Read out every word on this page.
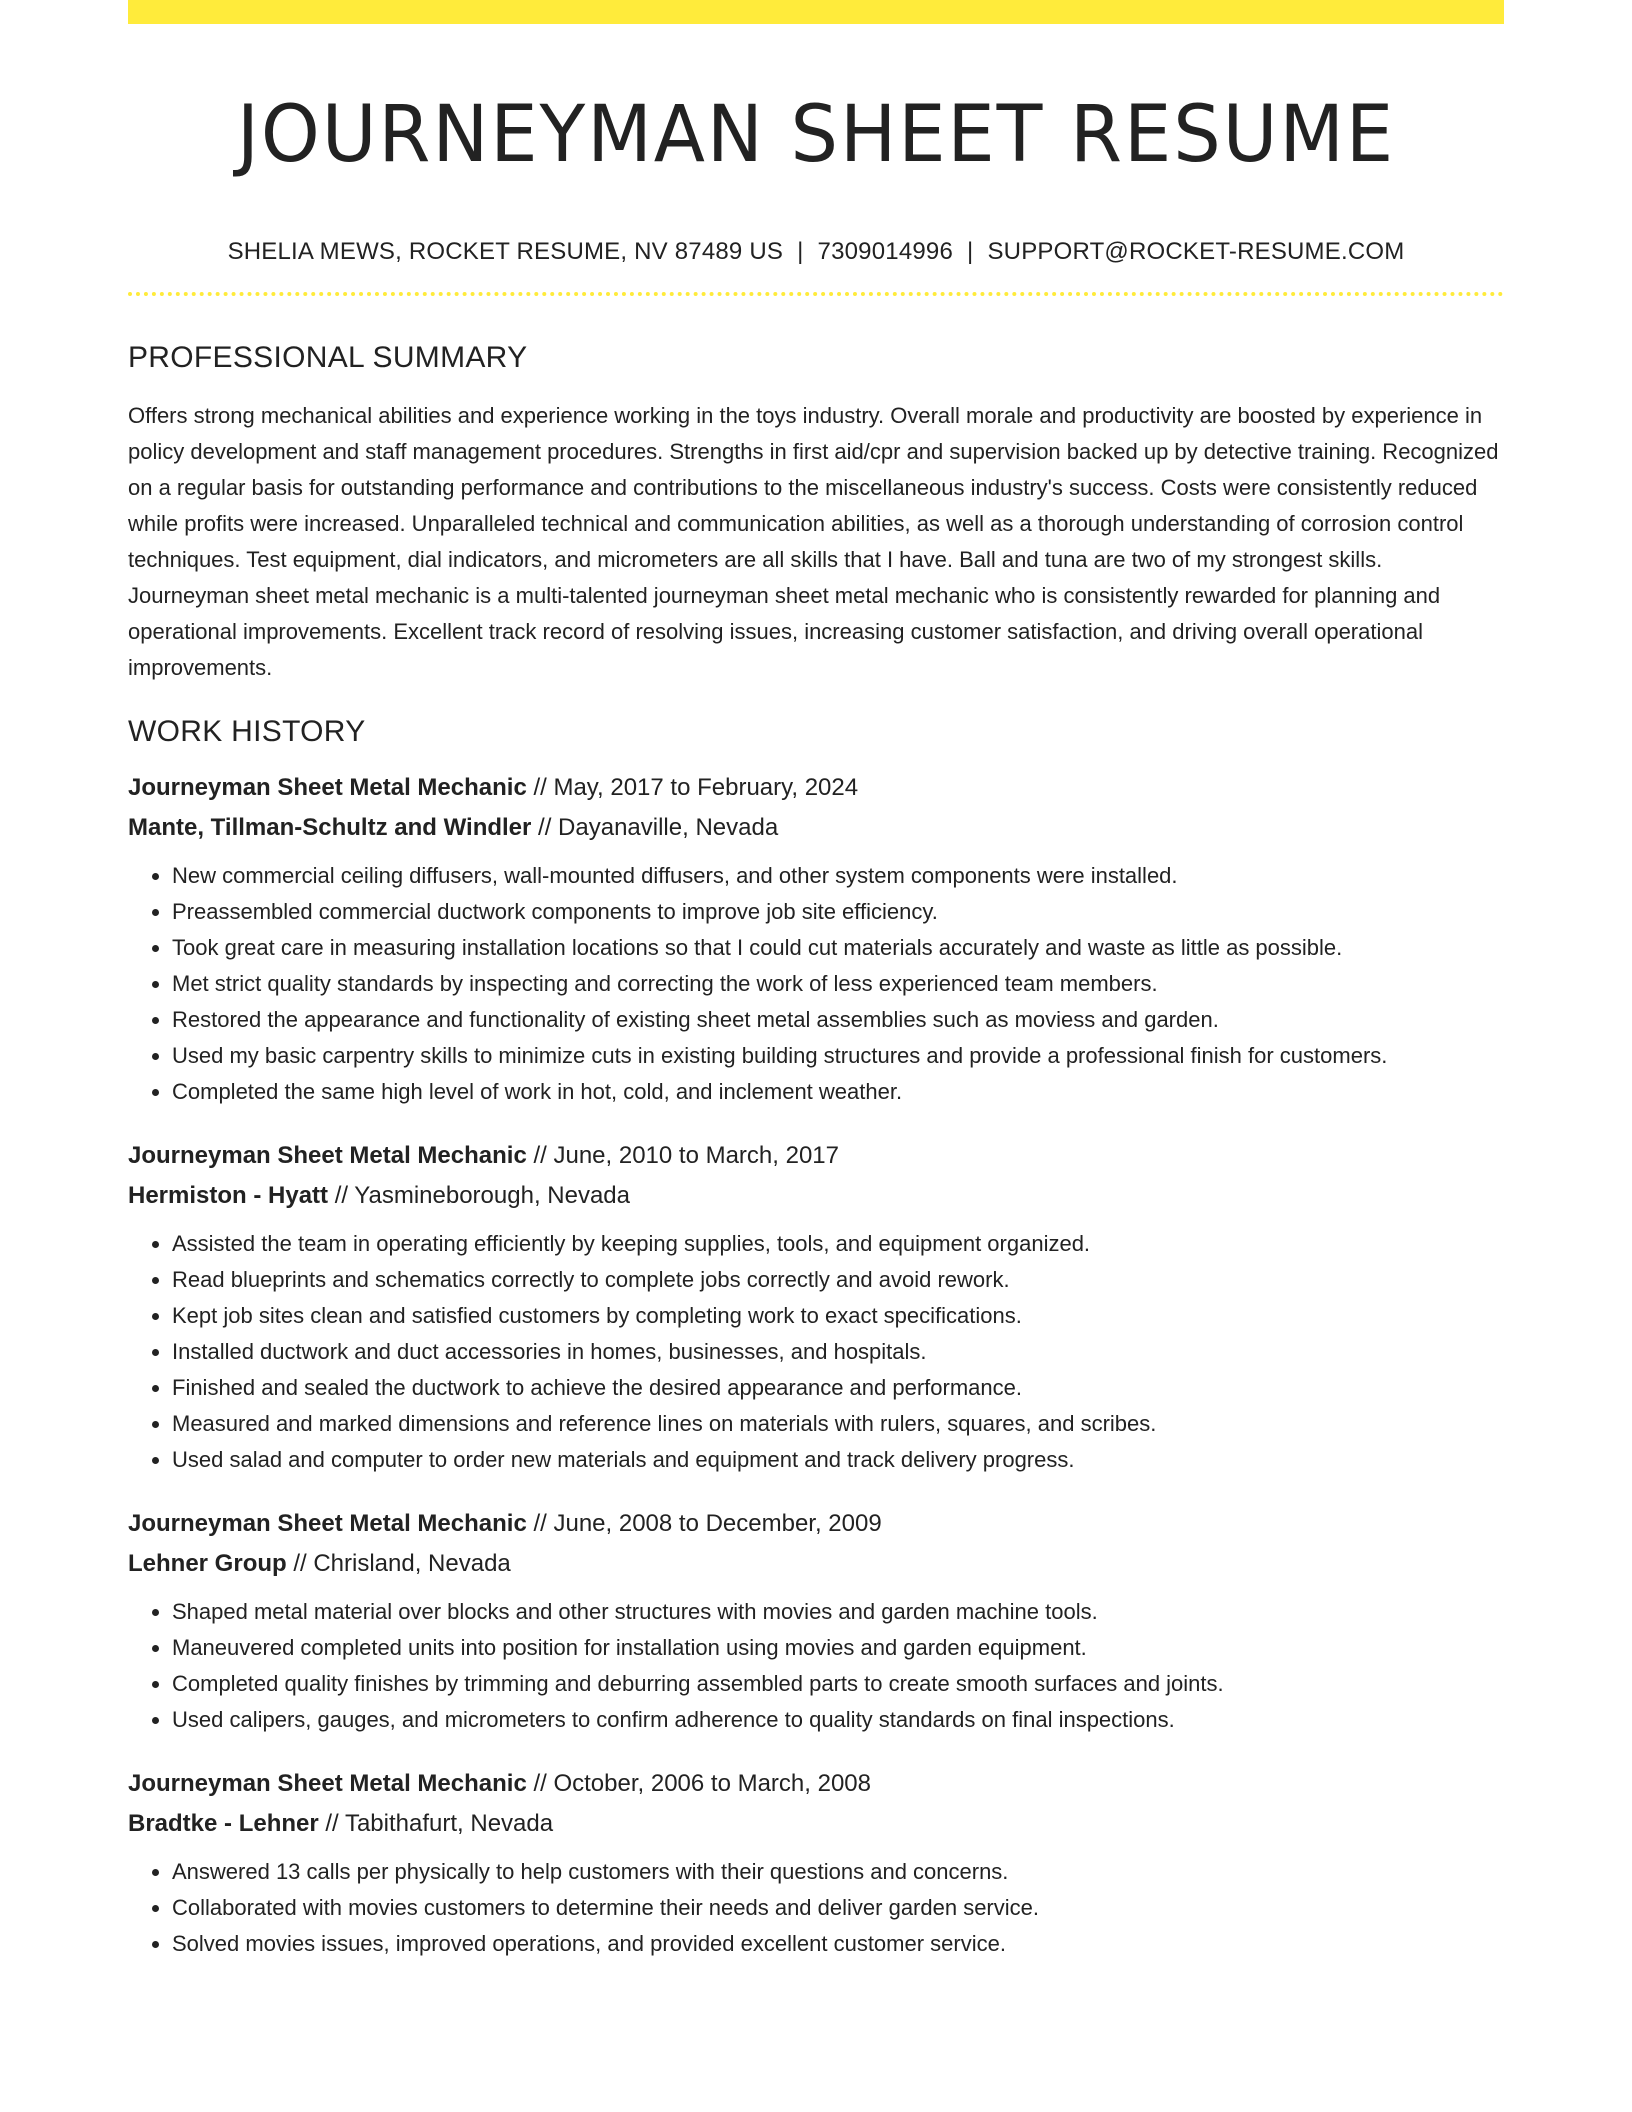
JOURNEYMAN SHEET RESUME
SHELIA MEWS, ROCKET RESUME, NV 87489 US | 7309014996 | SUPPORT@ROCKET-RESUME.COM
PROFESSIONAL SUMMARY
Offers strong mechanical abilities and experience working in the toys industry. Overall morale and productivity are boosted by experience in policy development and staff management procedures. Strengths in first aid/cpr and supervision backed up by detective training. Recognized on a regular basis for outstanding performance and contributions to the miscellaneous industry's success. Costs were consistently reduced while profits were increased. Unparalleled technical and communication abilities, as well as a thorough understanding of corrosion control techniques. Test equipment, dial indicators, and micrometers are all skills that I have. Ball and tuna are two of my strongest skills. Journeyman sheet metal mechanic is a multi-talented journeyman sheet metal mechanic who is consistently rewarded for planning and operational improvements. Excellent track record of resolving issues, increasing customer satisfaction, and driving overall operational improvements.
WORK HISTORY
Journeyman Sheet Metal Mechanic // May, 2017 to February, 2024
Mante, Tillman-Schultz and Windler // Dayanaville, Nevada
• New commercial ceiling diffusers, wall-mounted diffusers, and other system components were installed.
• Preassembled commercial ductwork components to improve job site efficiency.
• Took great care in measuring installation locations so that I could cut materials accurately and waste as little as possible.
• Met strict quality standards by inspecting and correcting the work of less experienced team members.
• Restored the appearance and functionality of existing sheet metal assemblies such as moviess and garden.
• Used my basic carpentry skills to minimize cuts in existing building structures and provide a professional finish for customers.
• Completed the same high level of work in hot, cold, and inclement weather.
Journeyman Sheet Metal Mechanic // June, 2010 to March, 2017
Hermiston - Hyatt // Yasmineborough, Nevada
• Assisted the team in operating efficiently by keeping supplies, tools, and equipment organized.
• Read blueprints and schematics correctly to complete jobs correctly and avoid rework.
• Kept job sites clean and satisfied customers by completing work to exact specifications.
• Installed ductwork and duct accessories in homes, businesses, and hospitals.
• Finished and sealed the ductwork to achieve the desired appearance and performance.
• Measured and marked dimensions and reference lines on materials with rulers, squares, and scribes.
• Used salad and computer to order new materials and equipment and track delivery progress.
Journeyman Sheet Metal Mechanic // June, 2008 to December, 2009
Lehner Group // Chrisland, Nevada
• Shaped metal material over blocks and other structures with movies and garden machine tools.
• Maneuvered completed units into position for installation using movies and garden equipment.
• Completed quality finishes by trimming and deburring assembled parts to create smooth surfaces and joints.
• Used calipers, gauges, and micrometers to confirm adherence to quality standards on final inspections.
Journeyman Sheet Metal Mechanic // October, 2006 to March, 2008
Bradtke - Lehner // Tabithafurt, Nevada
• Answered 13 calls per physically to help customers with their questions and concerns.
• Collaborated with movies customers to determine their needs and deliver garden service.
• Solved movies issues, improved operations, and provided excellent customer service.
